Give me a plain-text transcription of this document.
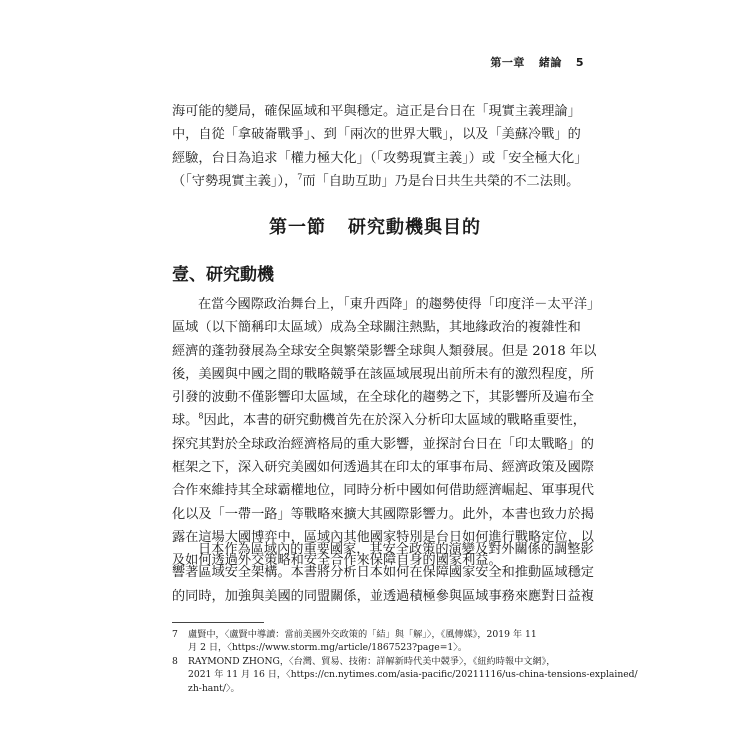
第一章 緒論 5

海可能的變局，確保區域和平與穩定。這正是台日在「現實主義理論」
中，自從「拿破崙戰爭」、到「兩次的世界大戰」，以及「美蘇冷戰」的
經驗，台日為追求「權力極大化」（「攻勢現實主義」）或「安全極大化」
（「守勢現實主義」），$^7$而「自助互助」乃是台日共生共榮的不二法則。

第一節 研究動機與目的
壹、研究動機

在當今國際政治舞台上，「東升西降」的趨勢使得「印度洋－太平洋」
區域（以下簡稱印太區域）成為全球關注熱點，其地緣政治的複雜性和
經濟的蓬勃發展為全球安全與繁榮影響全球與人類發展。但是 2018 年以
後，美國與中國之間的戰略競爭在該區域展現出前所未有的激烈程度，所
引發的波動不僅影響印太區域，在全球化的趨勢之下，其影響所及遍布全
球。$^8$因此，本書的研究動機首先在於深入分析印太區域的戰略重要性，
探究其對於全球政治經濟格局的重大影響，並探討台日在「印太戰略」的
框架之下，深入研究美國如何透過其在印太的軍事布局、經濟政策及國際
合作來維持其全球霸權地位，同時分析中國如何借助經濟崛起、軍事現代
化以及「一帶一路」等戰略來擴大其國際影響力。此外，本書也致力於揭
露在這場大國博弈中，區域內其他國家特別是台日如何進行戰略定位，以
及如何透過外交策略和安全合作來保障自身的國家利益。

日本作為區域內的重要國家，其安全政策的演變及對外關係的調整影
響著區域安全架構。本書將分析日本如何在保障國家安全和推動區域穩定
的同時，加強與美國的同盟關係，並透過積極參與區域事務來應對日益複

7 盧賢中，〈盧賢中導讀：當前美國外交政策的「結」與「解」〉，《風傳媒》，2019 年 11
月 2 日，〈https://www.storm.mg/article/1867523?page=1〉。
8 RAYMOND ZHONG，〈台灣、貿易、技術：詳解新時代美中競爭〉，《紐約時報中文網》，
2021 年 11 月 16 日，〈https://cn.nytimes.com/asia-pacific/20211116/us-china-tensions-explained/
zh-hant/〉。
